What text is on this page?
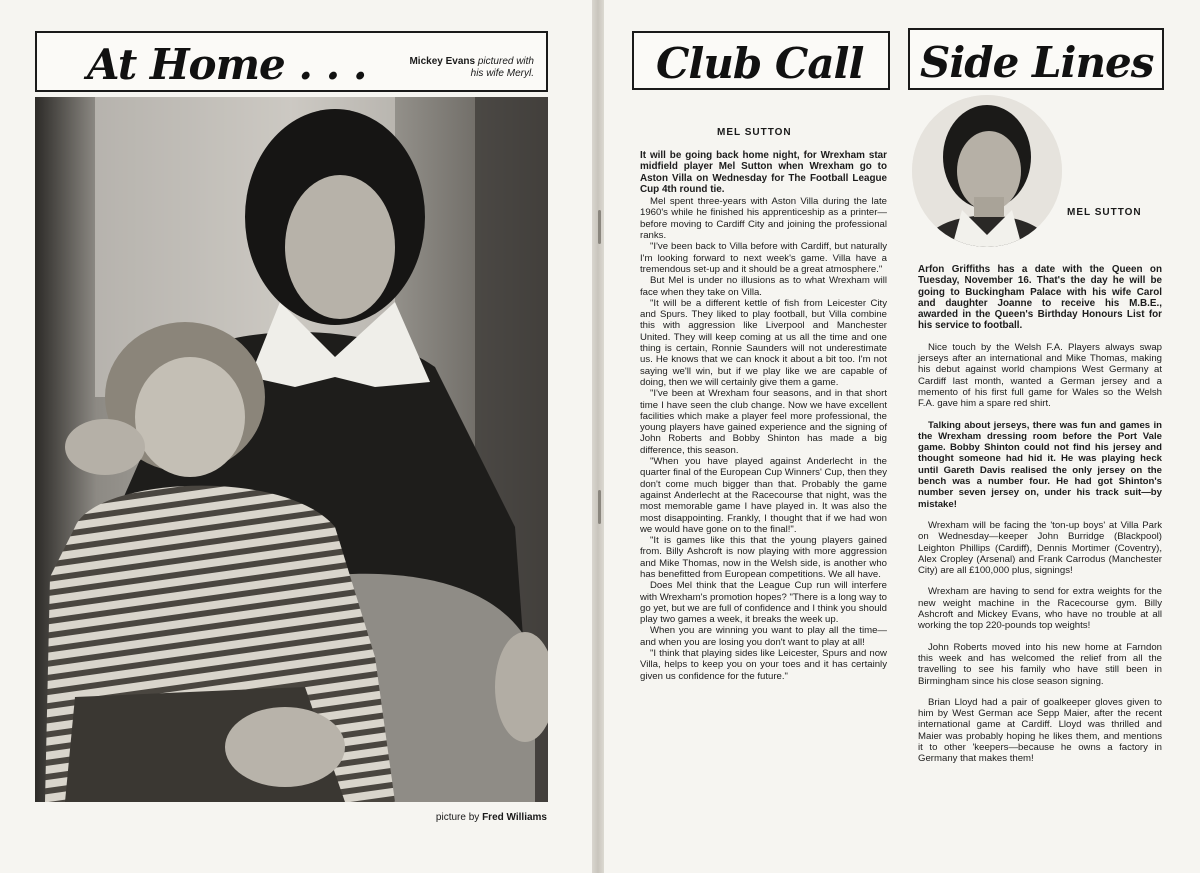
At Home . . .	Mickey Evans pictured with his wife Meryl.
picture by Fred Williams
Club Call
MEL SUTTON

It will be going back home night, for Wrexham star midfield player Mel Sutton when Wrexham go to Aston Villa on Wednesday for The Football League Cup 4th round tie.

Mel spent three-years with Aston Villa during the late 1960's while he finished his apprenticeship as a printer—before moving to Cardiff City and joining the professional ranks.

"I've been back to Villa before with Cardiff, but naturally I'm looking forward to next week's game. Villa have a tremendous set-up and it should be a great atmosphere."

But Mel is under no illusions as to what Wrexham will face when they take on Villa.

"It will be a different kettle of fish from Leicester City and Spurs. They liked to play football, but Villa combine this with aggression like Liverpool and Manchester United. They will keep coming at us all the time and one thing is certain, Ronnie Saunders will not underestimate us. He knows that we can knock it about a bit too. I'm not saying we'll win, but if we play like we are capable of doing, then we will certainly give them a game.

"I've been at Wrexham four seasons, and in that short time I have seen the club change. Now we have excellent facilities which make a player feel more professional, the young players have gained experience and the signing of John Roberts and Bobby Shinton has made a big difference, this season.

"When you have played against Anderlecht in the quarter final of the European Cup Winners' Cup, then they don't come much bigger than that. Probably the game against Anderlecht at the Racecourse that night, was the most memorable game I have played in. It was also the most disappointing. Frankly, I thought that if we had won we would have gone on to the final!".

"It is games like this that the young players gained from. Billy Ashcroft is now playing with more aggression and Mike Thomas, now in the Welsh side, is another who has benefitted from European competitions. We all have.

Does Mel think that the League Cup run will interfere with Wrexham's promotion hopes? "There is a long way to go yet, but we are full of confidence and I think you should play two games a week, it breaks the week up.

When you are winning you want to play all the time—and when you are losing you don't want to play at all!

"I think that playing sides like Leicester, Spurs and now Villa, helps to keep you on your toes and it has certainly given us confidence for the future."

Side Lines
MEL SUTTON

Arfon Griffiths has a date with the Queen on Tuesday, November 16. That's the day he will be going to Buckingham Palace with his wife Carol and daughter Joanne to receive his M.B.E., awarded in the Queen's Birthday Honours List for his service to football.

Nice touch by the Welsh F.A. Players always swap jerseys after an international and Mike Thomas, making his debut against world champions West Germany at Cardiff last month, wanted a German jersey and a memento of his first full game for Wales so the Welsh F.A. gave him a spare red shirt.

Talking about jerseys, there was fun and games in the Wrexham dressing room before the Port Vale game. Bobby Shinton could not find his jersey and thought someone had hid it. He was playing heck until Gareth Davis realised the only jersey on the bench was a number four. He had got Shinton's number seven jersey on, under his track suit—by mistake!

Wrexham will be facing the 'ton-up boys' at Villa Park on Wednesday—keeper John Burridge (Blackpool) Leighton Phillips (Cardiff), Dennis Mortimer (Coventry), Alex Cropley (Arsenal) and Frank Carrodus (Manchester City) are all £100,000 plus, signings!

Wrexham are having to send for extra weights for the new weight machine in the Racecourse gym. Billy Ashcroft and Mickey Evans, who have no trouble at all working the top 220-pounds top weights!

John Roberts moved into his new home at Farndon this week and has welcomed the relief from all the travelling to see his family who have still been in Birmingham since his close season signing.

Brian Lloyd had a pair of goalkeeper gloves given to him by West German ace Sepp Maier, after the recent international game at Cardiff. Lloyd was thrilled and Maier was probably hoping he likes them, and mentions it to other 'keepers—because he owns a factory in Germany that makes them!
